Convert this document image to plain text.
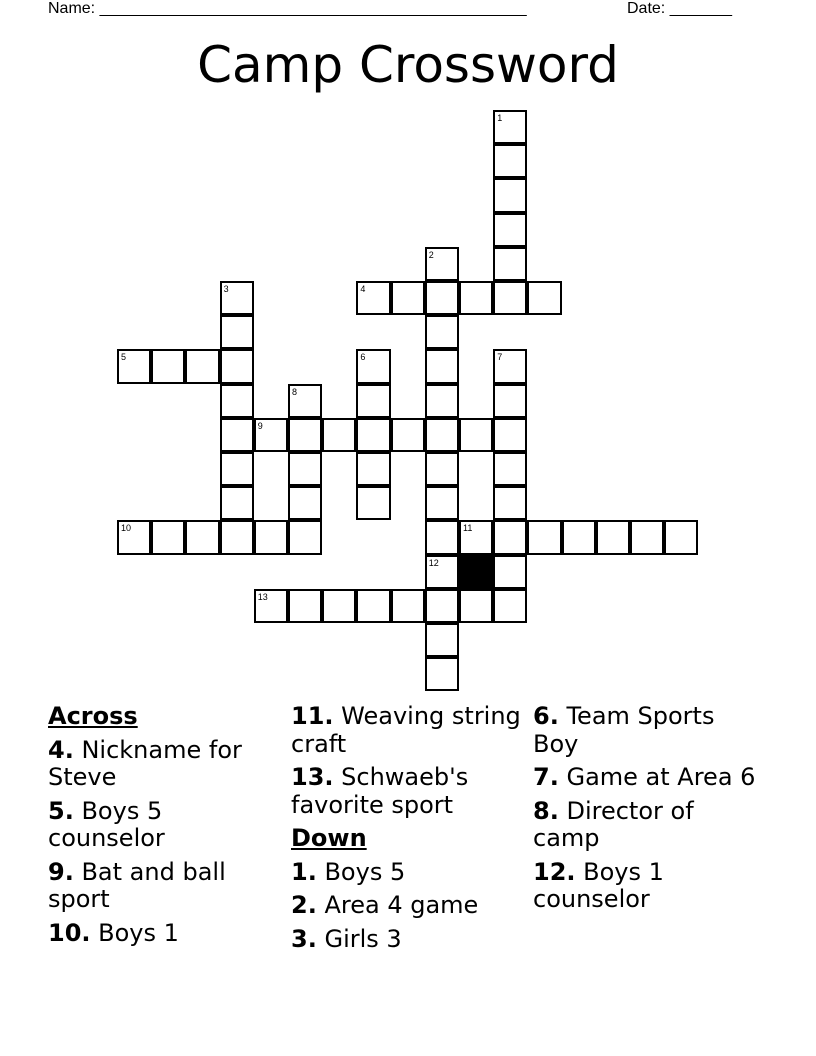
Name: ________________________________________________	Date: _______
Camp Crossword
1
2
12
3	4
5	6	7
8
9
10	11
13
Across
4. Nickname for Steve
5. Boys 5 counselor
9. Bat and ball sport
10. Boys 1
11. Weaving string craft
13. Schwaeb's favorite sport
Down
1. Boys 5
2. Area 4 game
3. Girls 3
6. Team Sports Boy
7. Game at Area 6
8. Director of camp
12. Boys 1 counselor
